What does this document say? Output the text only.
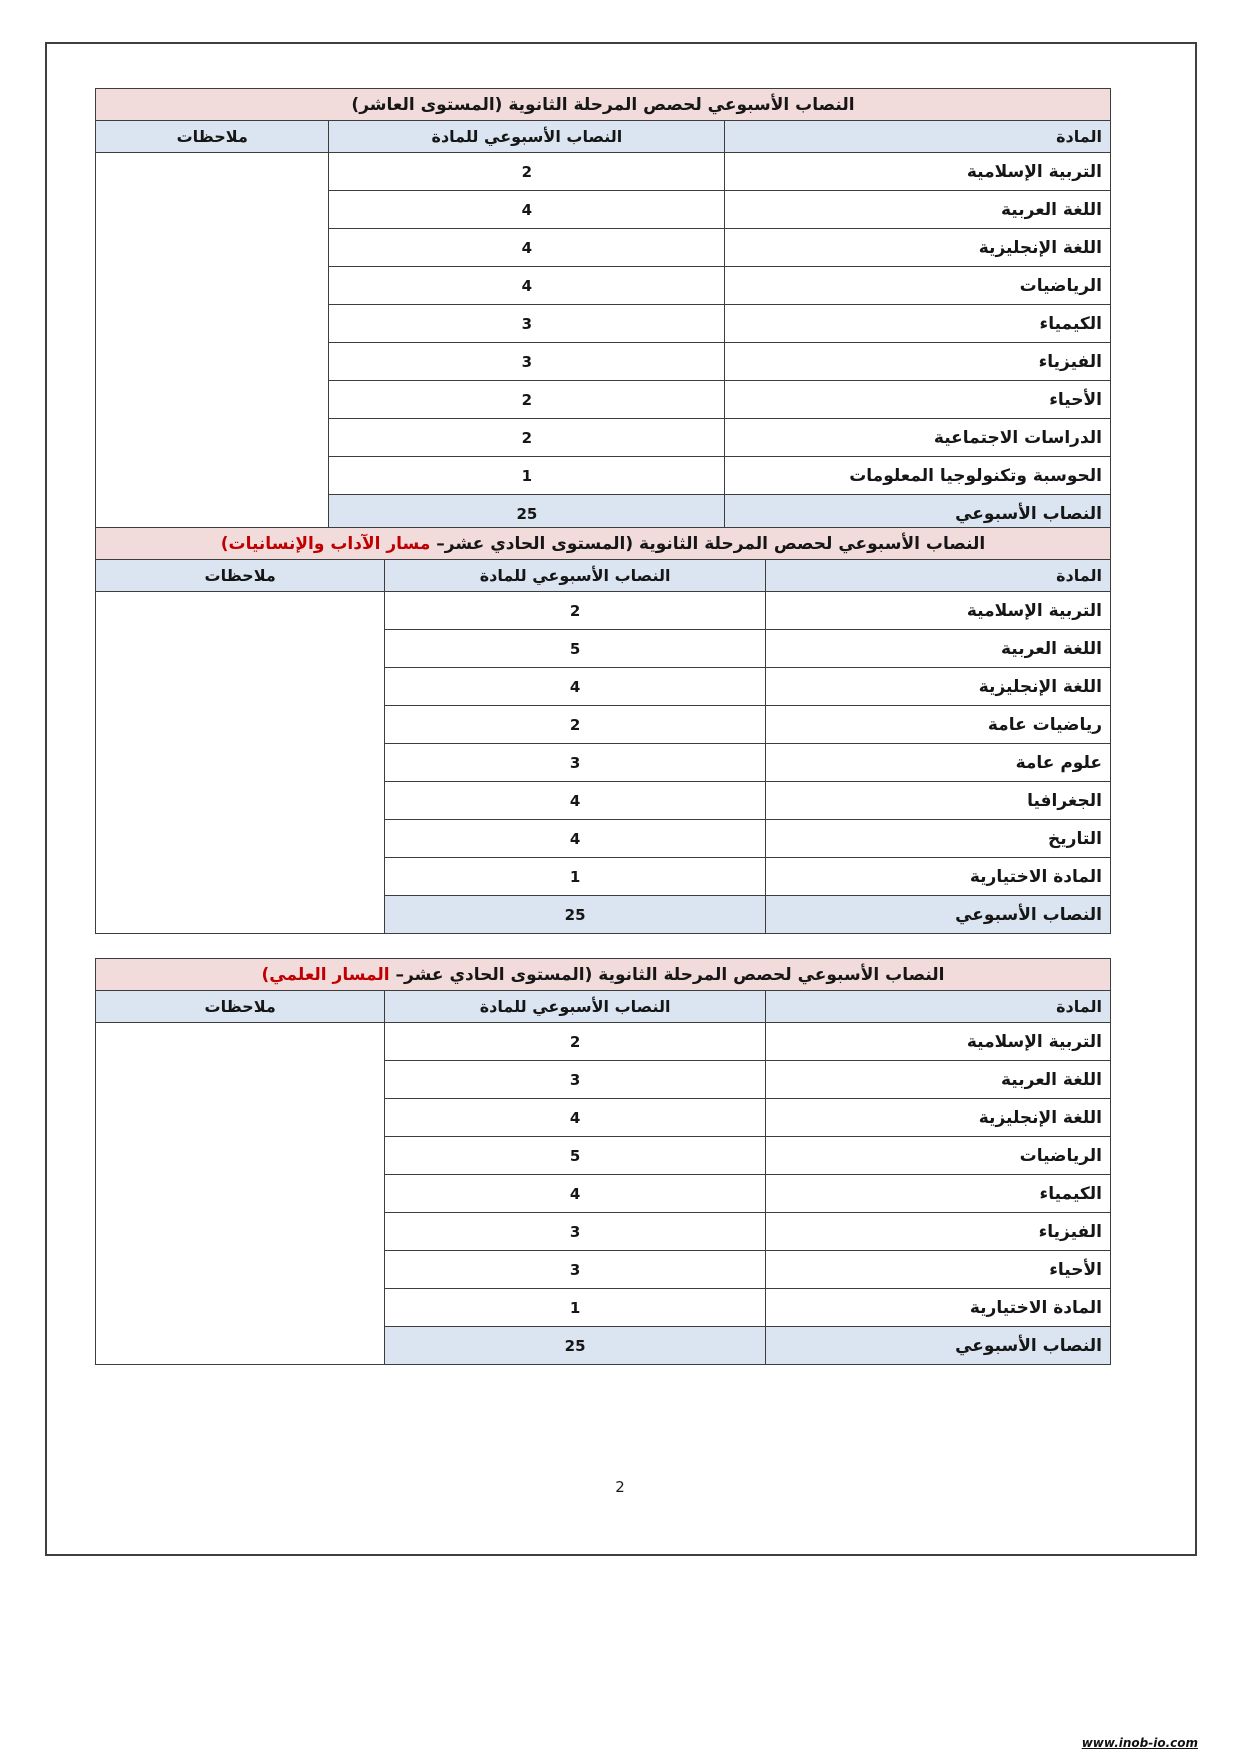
النصاب الأسبوعي لحصص المرحلة الثانوية (المستوى العاشر)		
المادة	النصاب الأسبوعي للمادة	ملاحظات
التربية الإسلامية	2	
اللغة العربية	4	
اللغة الإنجليزية	4	
الرياضيات	4	
الكيمياء	3	
الفيزياء	3	
الأحياء	2	
الدراسات الاجتماعية	2	
الحوسبة وتكنولوجيا المعلومات	1	
النصاب الأسبوعي	25	
النصاب الأسبوعي لحصص المرحلة الثانوية (المستوى الحادي عشر– مسار الآداب والإنسانيات)		
المادة	النصاب الأسبوعي للمادة	ملاحظات
التربية الإسلامية	2	
اللغة العربية	5	
اللغة الإنجليزية	4	
رياضيات عامة	2	
علوم عامة	3	
الجغرافيا	4	
التاريخ	4	
المادة الاختيارية	1	
النصاب الأسبوعي	25	
النصاب الأسبوعي لحصص المرحلة الثانوية (المستوى الحادي عشر– المسار العلمي)		
المادة	النصاب الأسبوعي للمادة	ملاحظات
التربية الإسلامية	2	
اللغة العربية	3	
اللغة الإنجليزية	4	
الرياضيات	5	
الكيمياء	4	
الفيزياء	3	
الأحياء	3	
المادة الاختيارية	1	
النصاب الأسبوعي	25	
2
www.inob-io.com
